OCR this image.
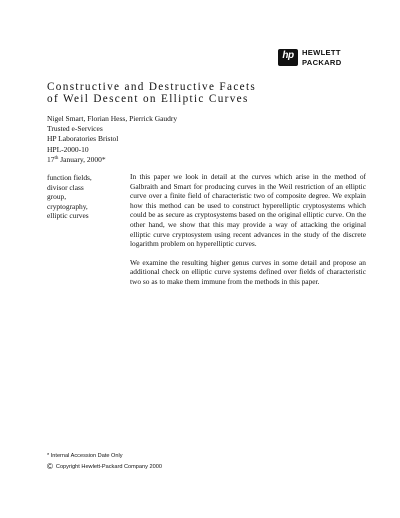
hp	HEWLETT
PACKARD
Constructive and Destructive Facets
of Weil Descent on Elliptic Curves
Nigel Smart, Florian Hess, Pierrick Gaudry
Trusted e-Services
HP Laboratories Bristol
HPL-2000-10
17th January, 2000*
function fields,
divisor class
group,
cryptography,
elliptic curves

In this paper we look in detail at the curves which arise in the method of Galbraith and Smart for producing curves in the Weil restriction of an elliptic curve over a finite field of characteristic two of composite degree. We explain how this method can be used to construct hyperelliptic cryptosystems which could be as secure as cryptosystems based on the original elliptic curve. On the other hand, we show that this may provide a way of attacking the original elliptic curve cryptosystem using recent advances in the study of the discrete logarithm problem on hyperelliptic curves.

We examine the resulting higher genus curves in some detail and propose an additional check on elliptic curve systems defined over fields of characteristic two so as to make them immune from the methods in this paper.

* Internal Accession Date Only
© Copyright Hewlett-Packard Company 2000
